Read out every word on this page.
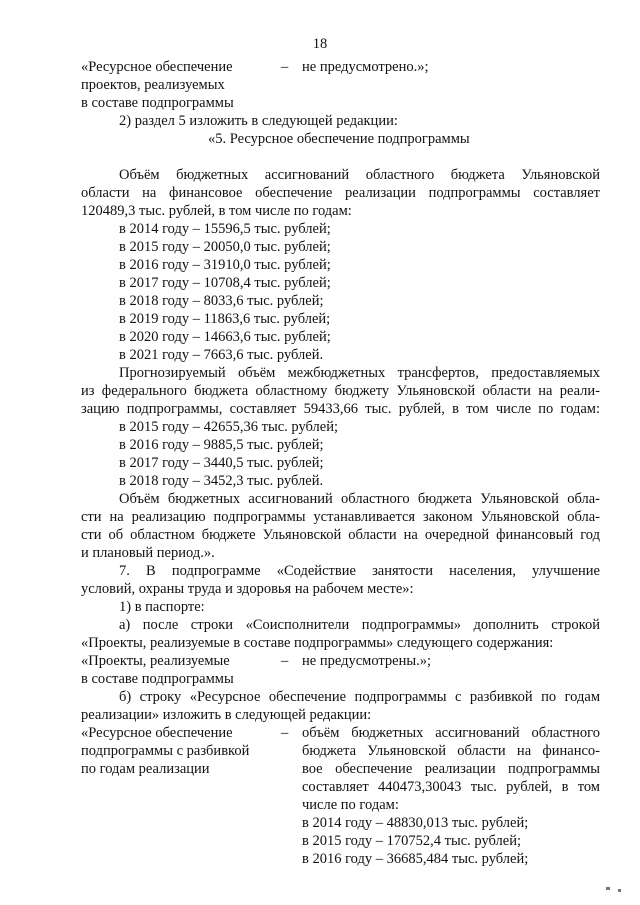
18
«Ресурсное обеспечение
проектов, реализуемых
в составе подпрограммы
– не предусмотрено.»;
2) раздел 5 изложить в следующей редакции:
«5. Ресурсное обеспечение подпрограммы
Объём бюджетных ассигнований областного бюджета Ульяновской
области на финансовое обеспечение реализации подпрограммы составляет
120489,3 тыс. рублей, в том числе по годам:
в 2014 году – 15596,5 тыс. рублей;
в 2015 году – 20050,0 тыс. рублей;
в 2016 году – 31910,0 тыс. рублей;
в 2017 году – 10708,4 тыс. рублей;
в 2018 году – 8033,6 тыс. рублей;
в 2019 году – 11863,6 тыс. рублей;
в 2020 году – 14663,6 тыс. рублей;
в 2021 году – 7663,6 тыс. рублей.
Прогнозируемый объём межбюджетных трансфертов, предоставляемых
из федерального бюджета областному бюджету Ульяновской области на реали-
зацию подпрограммы, составляет 59433,66 тыс. рублей, в том числе по годам:
в 2015 году – 42655,36 тыс. рублей;
в 2016 году – 9885,5 тыс. рублей;
в 2017 году – 3440,5 тыс. рублей;
в 2018 году – 3452,3 тыс. рублей.
Объём бюджетных ассигнований областного бюджета Ульяновской обла-
сти на реализацию подпрограммы устанавливается законом Ульяновской обла-
сти об областном бюджете Ульяновской области на очередной финансовый год
и плановый период.».
7. В подпрограмме «Содействие занятости населения, улучшение
условий, охраны труда и здоровья на рабочем месте»:
1) в паспорте:
а) после строки «Соисполнители подпрограммы» дополнить строкой
«Проекты, реализуемые в составе подпрограммы» следующего содержания:
«Проекты, реализуемые
в составе подпрограммы
– не предусмотрены.»;
б) строку «Ресурсное обеспечение подпрограммы с разбивкой по годам
реализации» изложить в следующей редакции:
«Ресурсное обеспечение
подпрограммы с разбивкой
по годам реализации
– объём бюджетных ассигнований областного
бюджета Ульяновской области на финансо-
вое обеспечение реализации подпрограммы
составляет 440473,30043 тыс. рублей, в том
числе по годам:
в 2014 году – 48830,013 тыс. рублей;
в 2015 году – 170752,4 тыс. рублей;
в 2016 году – 36685,484 тыс. рублей;
